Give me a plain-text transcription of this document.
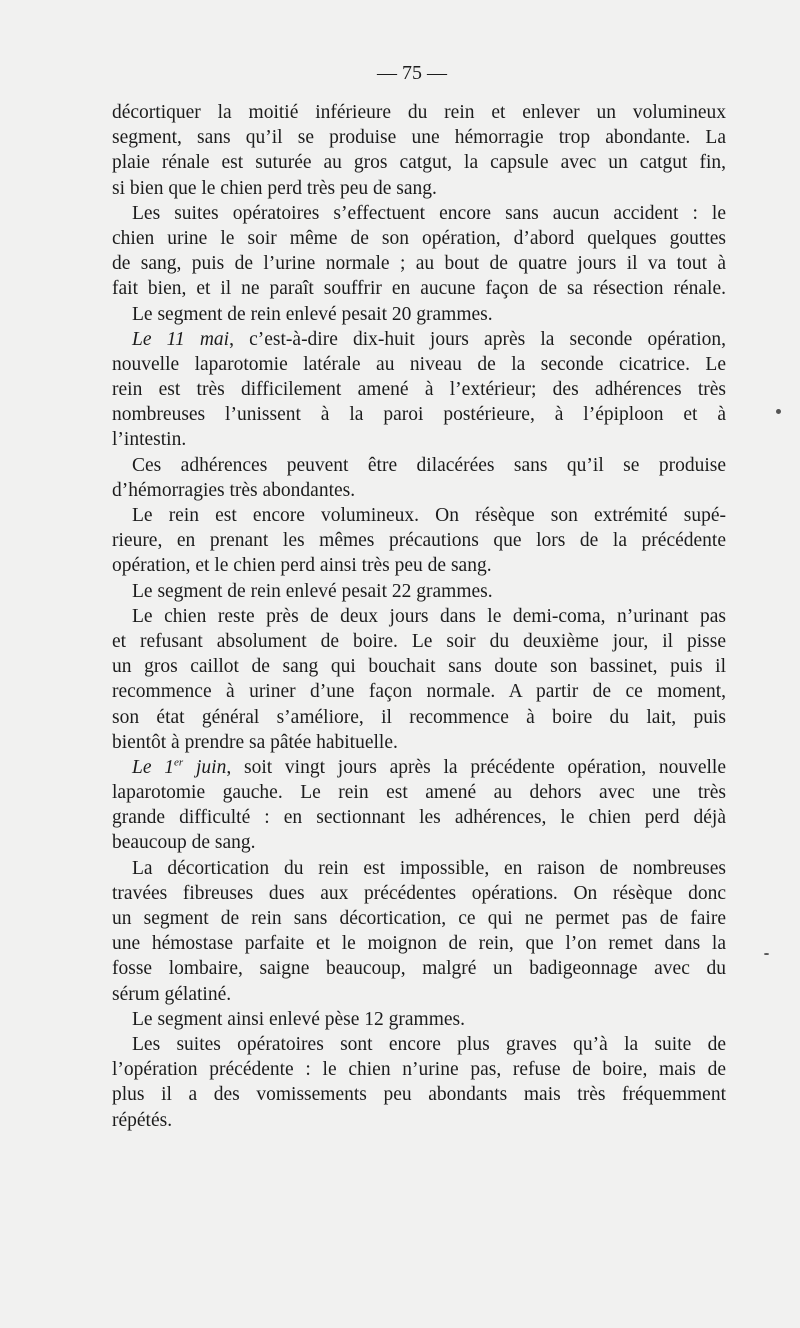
— 75 —
décortiquer la moitié inférieure du rein et enlever un volumineux
segment, sans qu’il se produise une hémorragie trop abondante. La
plaie rénale est suturée au gros catgut, la capsule avec un catgut fin,
si bien que le chien perd très peu de sang.
Les suites opératoires s’effectuent encore sans aucun accident : le
chien urine le soir même de son opération, d’abord quelques gouttes
de sang, puis de l’urine normale ; au bout de quatre jours il va tout à
fait bien, et il ne paraît souffrir en aucune façon de sa résection rénale.
Le segment de rein enlevé pesait 20 grammes.
Le 11 mai, c’est-à-dire dix-huit jours après la seconde opération,
nouvelle laparotomie latérale au niveau de la seconde cicatrice. Le
rein est très difficilement amené à l’extérieur; des adhérences très
nombreuses l’unissent à la paroi postérieure, à l’épiploon et à
l’intestin.
Ces adhérences peuvent être dilacérées sans qu’il se produise
d’hémorragies très abondantes.
Le rein est encore volumineux. On résèque son extrémité supé-
rieure, en prenant les mêmes précautions que lors de la précédente
opération, et le chien perd ainsi très peu de sang.
Le segment de rein enlevé pesait 22 grammes.
Le chien reste près de deux jours dans le demi-coma, n’urinant pas
et refusant absolument de boire. Le soir du deuxième jour, il pisse
un gros caillot de sang qui bouchait sans doute son bassinet, puis il
recommence à uriner d’une façon normale. A partir de ce moment,
son état général s’améliore, il recommence à boire du lait, puis
bientôt à prendre sa pâtée habituelle.
Le 1er juin, soit vingt jours après la précédente opération, nouvelle
laparotomie gauche. Le rein est amené au dehors avec une très
grande difficulté : en sectionnant les adhérences, le chien perd déjà
beaucoup de sang.
La décortication du rein est impossible, en raison de nombreuses
travées fibreuses dues aux précédentes opérations. On résèque donc
un segment de rein sans décortication, ce qui ne permet pas de faire
une hémostase parfaite et le moignon de rein, que l’on remet dans la
fosse lombaire, saigne beaucoup, malgré un badigeonnage avec du
sérum gélatiné.
Le segment ainsi enlevé pèse 12 grammes.
Les suites opératoires sont encore plus graves qu’à la suite de
l’opération précédente : le chien n’urine pas, refuse de boire, mais de
plus il a des vomissements peu abondants mais très fréquemment
répétés.
